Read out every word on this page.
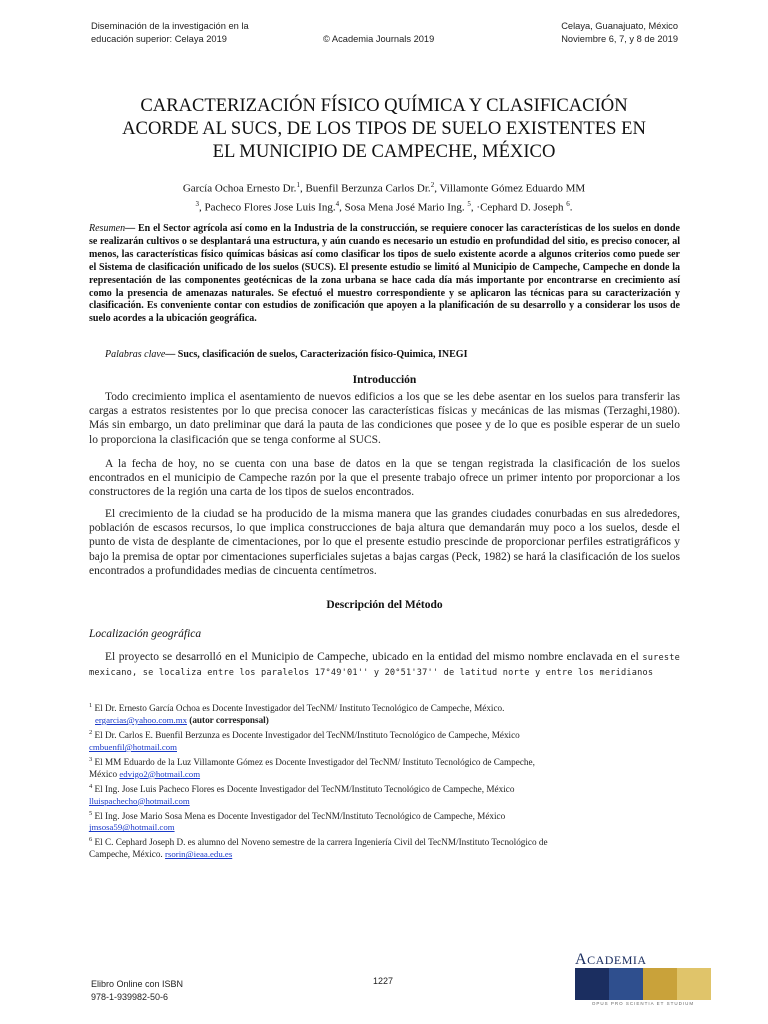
Diseminación de la investigación en la
educación superior: Celaya 2019	© Academia Journals 2019
Celaya, Guanajuato, México
Noviembre 6, 7, y 8 de 2019
CARACTERIZACIÓN FÍSICO QUÍMICA Y CLASIFICACIÓN
ACORDE AL SUCS, DE LOS TIPOS DE SUELO EXISTENTES EN
EL MUNICIPIO DE CAMPECHE, MÉXICO
García Ochoa Ernesto Dr.$^1$, Buenfil Berzunza Carlos Dr.$^2$, Villamonte Gómez Eduardo MM
$^3$, Pacheco Flores Jose Luis Ing.$^4$, Sosa Mena José Mario Ing. $^5$, ·Cephard D. Joseph $^6$.
Resumen— En el Sector agrícola así como en la Industria de la construcción, se requiere conocer las características de los suelos en donde se realizarán cultivos o se desplantará una estructura, y aún cuando es necesario un estudio en profundidad del sitio, es preciso conocer, al menos, las características físico químicas básicas así como clasificar los tipos de suelo existente acorde a algunos criterios como puede ser el Sistema de clasificación unificado de los suelos (SUCS). El presente estudio se limitó al Municipio de Campeche, Campeche en donde la representación de las componentes geotécnicas de la zona urbana se hace cada día más importante por encontrarse en crecimiento así como la presencia de amenazas naturales. Se efectuó el muestro correspondiente y se aplicaron las técnicas para su caracterización y clasificación. Es conveniente contar con estudios de zonificación que apoyen a la planificación de su desarrollo y a considerar los usos de suelo acordes a la ubicación geográfica.
Palabras clave— Sucs, clasificación de suelos, Caracterización físico-Quimica, INEGI
Introducción
Todo crecimiento implica el asentamiento de nuevos edificios a los que se les debe asentar en los suelos para transferir las cargas a estratos resistentes por lo que precisa conocer las características físicas y mecánicas de las mismas (Terzaghi,1980). Más sin embargo, un dato preliminar que dará la pauta de las condiciones que posee y de lo que es posible esperar de un suelo lo proporciona la clasificación que se tenga conforme al SUCS.
A la fecha de hoy, no se cuenta con una base de datos en la que se tengan registrada la clasificación de los suelos encontrados en el municipio de Campeche razón por la que el presente trabajo ofrece un primer intento por proporcionar a los constructores de la región una carta de los tipos de suelos encontrados.
El crecimiento de la ciudad se ha producido de la misma manera que las grandes ciudades conurbadas en sus alrededores, población de escasos recursos, lo que implica construcciones de baja altura que demandarán muy poco a los suelos, desde el punto de vista de desplante de cimentaciones, por lo que el presente estudio prescinde de proporcionar perfiles estratigráficos y bajo la premisa de optar por cimentaciones superficiales sujetas a bajas cargas (Peck, 1982) se hará la clasificación de los suelos encontrados a profundidades medias de cincuenta centímetros.
Descripción del Método
Localización geográfica
El proyecto se desarrolló en el Municipio de Campeche, ubicado en la entidad del mismo nombre enclavada en el sureste mexicano, se localiza entre los paralelos 17°49'01'' y 20°51'37'' de latitud norte y entre los meridianos
$^1$ El Dr. Ernesto García Ochoa es Docente Investigador del TecNM/ Instituto Tecnológico de Campeche, México.
ergarcias@yahoo.com.mx (autor corresponsal)
$^2$ El Dr. Carlos E. Buenfil Berzunza es Docente Investigador del TecNM/Instituto Tecnológico de Campeche, México
cmbuenfil@hotmail.com
$^3$ El MM Eduardo de la Luz Villamonte Gómez es Docente Investigador del TecNM/ Instituto Tecnológico de Campeche,
México edvigo2@hotmail.com
$^4$ El Ing. Jose Luis Pacheco Flores es Docente Investigador del TecNM/Instituto Tecnológico de Campeche, México
lluispachecho@hotmail.com
$^5$ El Ing. Jose Mario Sosa Mena es Docente Investigador del TecNM/Instituto Tecnológico de Campeche, México
jmsosa59@hotmail.com
$^6$ El C. Cephard Joseph D. es alumno del Noveno semestre de la carrera Ingeniería Civil del TecNM/Instituto Tecnológico de
Campeche, México. rsorin@ieaa.edu.es
Elibro Online con ISBN
978-1-939982-50-6
1227
ACADEMIA
OPUS PRO SCIENTIA ET STUDIUM
